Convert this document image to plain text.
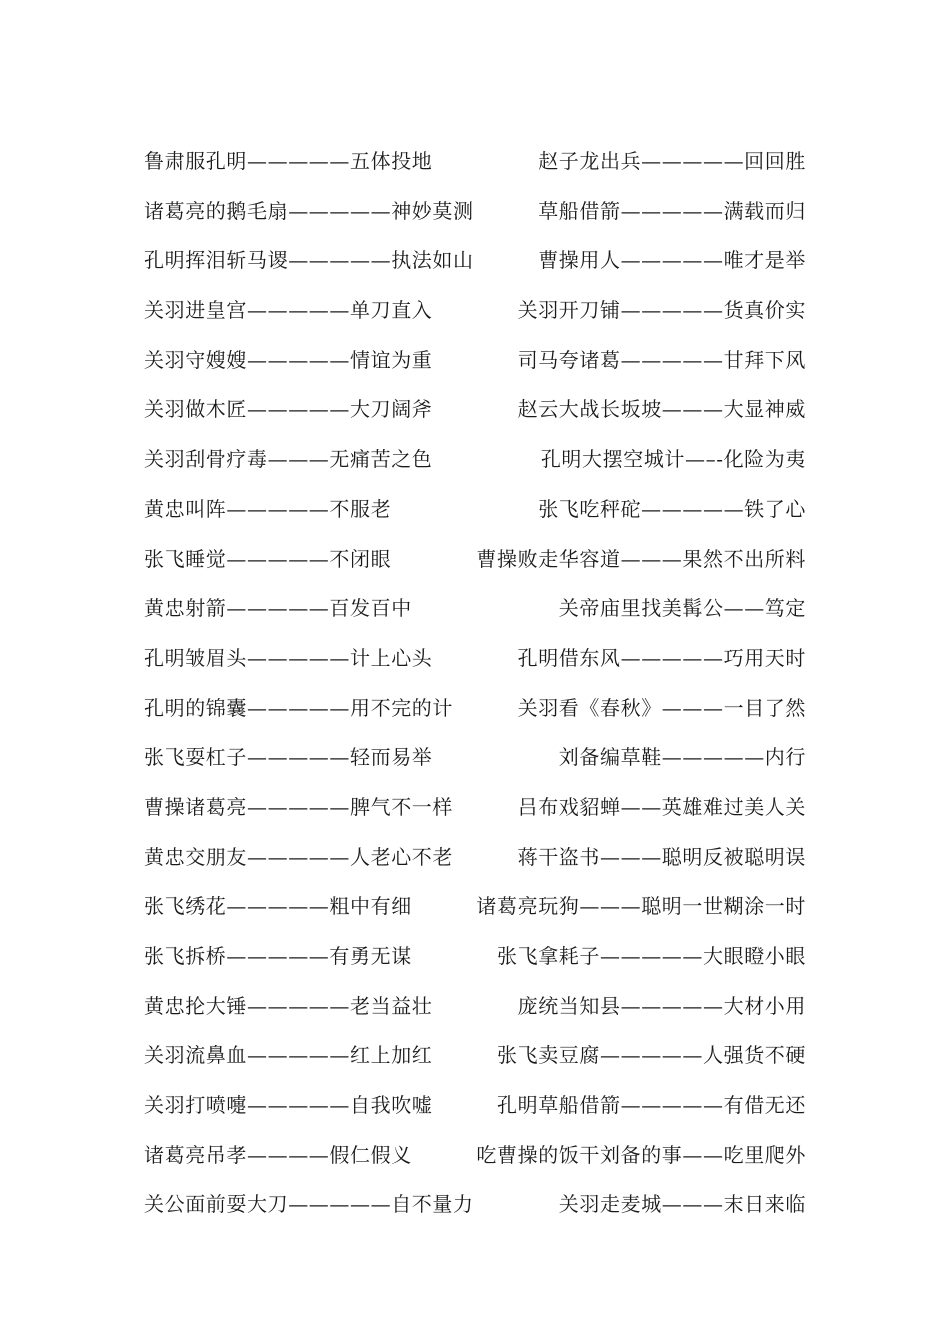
鲁肃服孔明—————五体投地	赵子龙出兵—————回回胜
诸葛亮的鹅毛扇—————神妙莫测	草船借箭—————满载而归
孔明挥泪斩马谡—————执法如山	曹操用人—————唯才是举
关羽进皇宫—————单刀直入	关羽开刀铺—————货真价实
关羽守嫂嫂—————情谊为重	司马夸诸葛—————甘拜下风
关羽做木匠—————大刀阔斧	赵云大战长坂坡———大显神威
关羽刮骨疗毒———无痛苦之色	孔明大摆空城计—–-化险为夷
黄忠叫阵—————不服老	张飞吃秤砣—————铁了心
张飞睡觉—————不闭眼	曹操败走华容道———果然不出所料
黄忠射箭—————百发百中	关帝庙里找美髯公——笃定
孔明皱眉头—————计上心头	孔明借东风—————巧用天时
孔明的锦囊—————用不完的计	关羽看《春秋》———一目了然
张飞耍杠子—————轻而易举	刘备编草鞋—————内行
曹操诸葛亮—————脾气不一样	吕布戏貂蝉——英雄难过美人关
黄忠交朋友—————人老心不老	蒋干盗书———聪明反被聪明误
张飞绣花—————粗中有细	诸葛亮玩狗———聪明一世糊涂一时
张飞拆桥—————有勇无谋	张飞拿耗子—————大眼瞪小眼
黄忠抡大锤—————老当益壮	庞统当知县—————大材小用
关羽流鼻血—————红上加红	张飞卖豆腐—————人强货不硬
关羽打喷嚏—————自我吹嘘	孔明草船借箭—————有借无还
诸葛亮吊孝————假仁假义	吃曹操的饭干刘备的事——吃里爬外
关公面前耍大刀—————自不量力	关羽走麦城———末日来临
